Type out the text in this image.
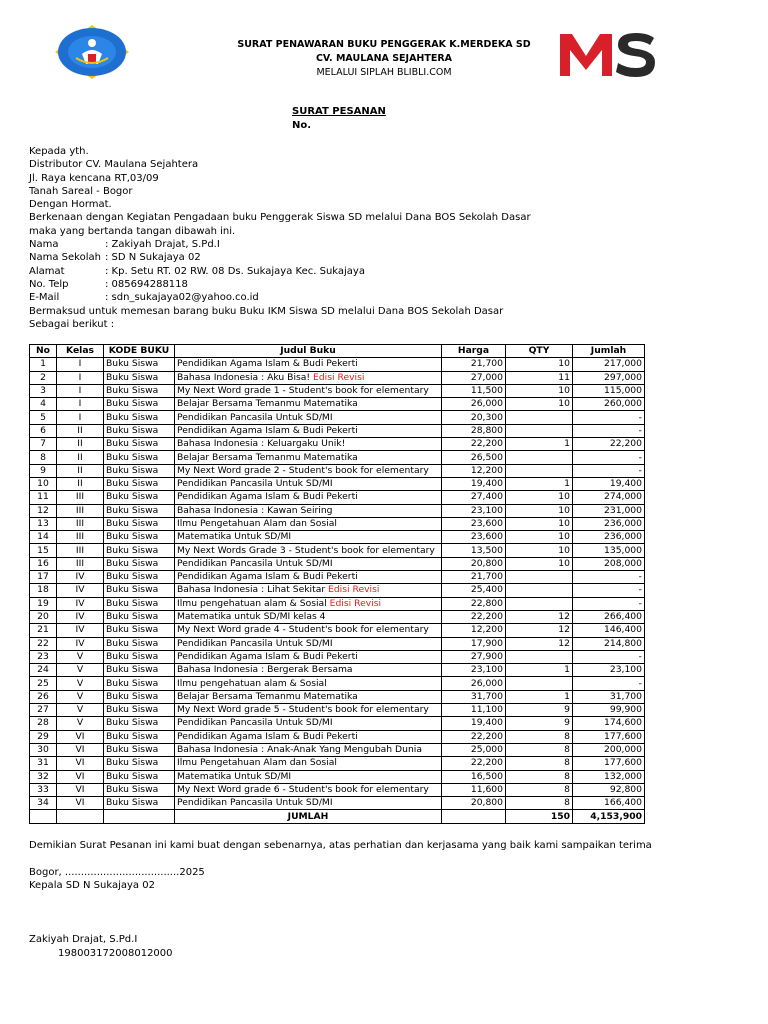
SURAT PENAWARAN BUKU PENGGERAK K.MERDEKA SD
CV. MAULANA SEJAHTERA
MELALUI SIPLAH BLIBLI.COM
SURAT PESANAN
No.
Kepada yth.
Distributor CV. Maulana Sejahtera
Jl. Raya kencana RT,03/09
Tanah Sareal - Bogor
Dengan Hormat.
Berkenaan dengan Kegiatan Pengadaan buku Penggerak Siswa SD melalui Dana BOS Sekolah Dasar
maka yang bertanda tangan dibawah ini.
Nama	: Zakiyah Drajat, S.Pd.I
Nama Sekolah : SD N Sukajaya 02
Alamat	: Kp. Setu RT. 02 RW. 08 Ds. Sukajaya Kec. Sukajaya
No. Telp	: 085694288118
E-Mail	: sdn_sukajaya02@yahoo.co.id
Bermaksud untuk memesan barang buku Buku IKM Siswa SD melalui Dana BOS Sekolah Dasar
Sebagai berikut :
No	Kelas	KODE BUKU	Judul Buku	Harga	QTY	Jumlah
1	I	Buku Siswa	Pendidikan Agama Islam & Budi Pekerti	21,700	10	217,000
2	I	Buku Siswa	Bahasa Indonesia : Aku Bisa! Edisi Revisi	27,000	11	297,000
3	I	Buku Siswa	My Next Word grade 1 - Student's book for elementary	11,500	10	115,000
4	I	Buku Siswa	Belajar Bersama Temanmu Matematika	26,000	10	260,000
5	I	Buku Siswa	Pendidikan Pancasila Untuk SD/MI	20,300		-
6	II	Buku Siswa	Pendidikan Agama Islam & Budi Pekerti	28,800		-
7	II	Buku Siswa	Bahasa Indonesia : Keluargaku Unik!	22,200	1	22,200
8	II	Buku Siswa	Belajar Bersama Temanmu Matematika	26,500		-
9	II	Buku Siswa	My Next Word grade 2 - Student's book for elementary	12,200		-
10	II	Buku Siswa	Pendidikan Pancasila Untuk SD/MI	19,400	1	19,400
11	III	Buku Siswa	Pendidikan Agama Islam & Budi Pekerti	27,400	10	274,000
12	III	Buku Siswa	Bahasa Indonesia : Kawan Seiring	23,100	10	231,000
13	III	Buku Siswa	Ilmu Pengetahuan Alam dan Sosial	23,600	10	236,000
14	III	Buku Siswa	Matematika Untuk SD/MI	23,600	10	236,000
15	III	Buku Siswa	My Next Words Grade 3 - Student's book for elementary	13,500	10	135,000
16	III	Buku Siswa	Pendidikan Pancasila Untuk SD/MI	20,800	10	208,000
17	IV	Buku Siswa	Pendidikan Agama Islam & Budi Pekerti	21,700		-
18	IV	Buku Siswa	Bahasa Indonesia : Lihat Sekitar Edisi Revisi	25,400		-
19	IV	Buku Siswa	Ilmu pengehatuan alam & Sosial Edisi Revisi	22,800		-
20	IV	Buku Siswa	Matematika untuk SD/MI kelas 4	22,200	12	266,400
21	IV	Buku Siswa	My Next Word grade 4 - Student's book for elementary	12,200	12	146,400
22	IV	Buku Siswa	Pendidikan Pancasila Untuk SD/MI	17,900	12	214,800
23	V	Buku Siswa	Pendidikan Agama Islam & Budi Pekerti	27,900		-
24	V	Buku Siswa	Bahasa Indonesia : Bergerak Bersama	23,100	1	23,100
25	V	Buku Siswa	Ilmu pengehatuan alam & Sosial	26,000		-
26	V	Buku Siswa	Belajar Bersama Temanmu Matematika	31,700	1	31,700
27	V	Buku Siswa	My Next Word grade 5 - Student's book for elementary	11,100	9	99,900
28	V	Buku Siswa	Pendidikan Pancasila Untuk SD/MI	19,400	9	174,600
29	VI	Buku Siswa	Pendidikan Agama Islam & Budi Pekerti	22,200	8	177,600
30	VI	Buku Siswa	Bahasa Indonesia : Anak-Anak Yang Mengubah Dunia	25,000	8	200,000
31	VI	Buku Siswa	Ilmu Pengetahuan Alam dan Sosial	22,200	8	177,600
32	VI	Buku Siswa	Matematika Untuk SD/MI	16,500	8	132,000
33	VI	Buku Siswa	My Next Word grade 6 - Student's book for elementary	11,600	8	92,800
34	VI	Buku Siswa	Pendidikan Pancasila Untuk SD/MI	20,800	8	166,400
			JUMLAH		150	4,153,900
Demikian Surat Pesanan ini kami buat dengan sebenarnya, atas perhatian dan kerjasama yang baik kami sampaikan terima
Bogor, ....................................2025
Kepala SD N Sukajaya 02
Zakiyah Drajat, S.Pd.I
198003172008012000
